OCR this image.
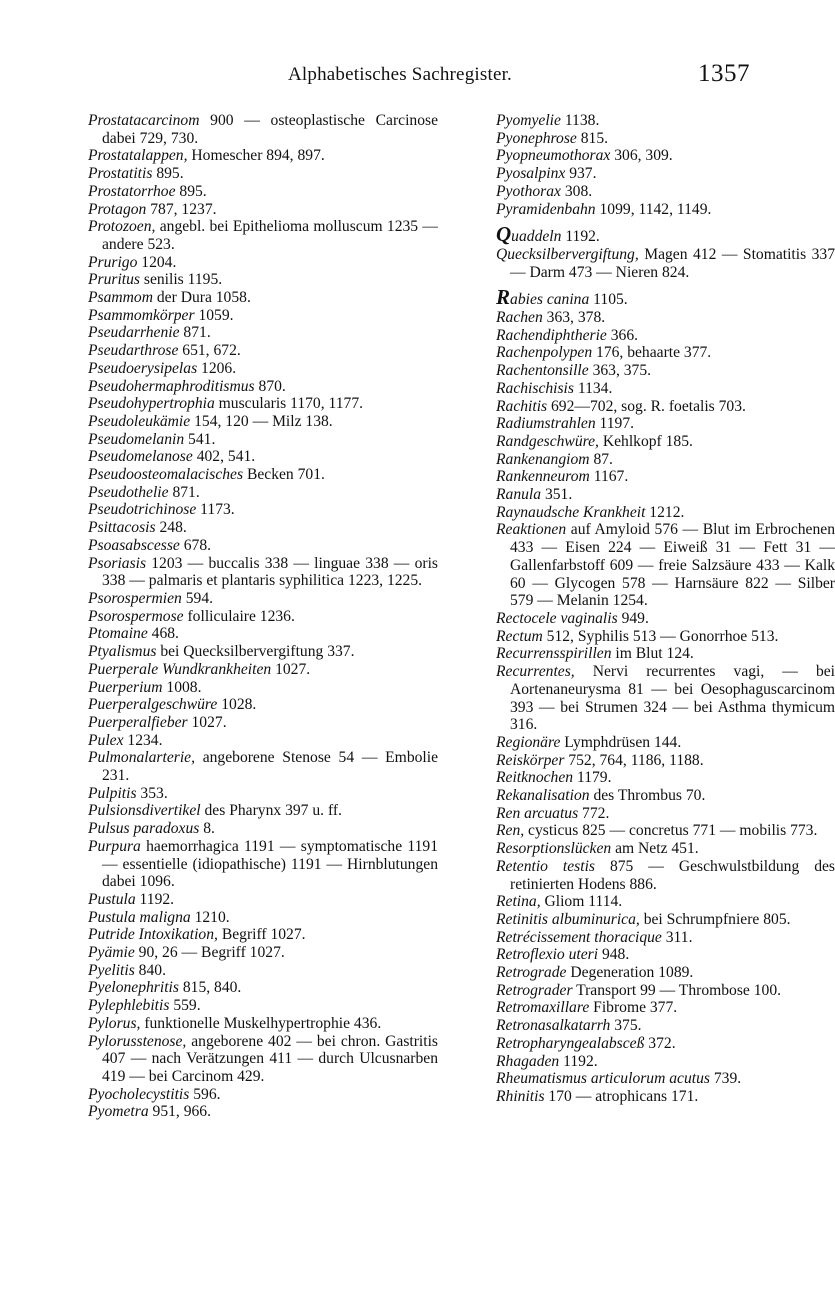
Alphabetisches Sachregister.	1357

Prostatacarcinom 900 — osteoplastische Carcinose dabei 729, 730.

Prostatalappen, Homescher 894, 897.

Prostatitis 895.

Prostatorrhoe 895.

Protagon 787, 1237.

Protozoen, angebl. bei Epithelioma molluscum 1235 — andere 523.

Prurigo 1204.

Pruritus senilis 1195.

Psammom der Dura 1058.

Psammomkörper 1059.

Pseudarrhenie 871.

Pseudarthrose 651, 672.

Pseudoerysipelas 1206.

Pseudohermaphroditismus 870.

Pseudohypertrophia muscularis 1170, 1177.

Pseudoleukämie 154, 120 — Milz 138.

Pseudomelanin 541.

Pseudomelanose 402, 541.

Pseudoosteomalacisches Becken 701.

Pseudothelie 871.

Pseudotrichinose 1173.

Psittacosis 248.

Psoasabscesse 678.

Psoriasis 1203 — buccalis 338 — linguae 338 — oris 338 — palmaris et plantaris syphilitica 1223, 1225.

Psorospermien 594.

Psorospermose folliculaire 1236.

Ptomaine 468.

Ptyalismus bei Quecksilbervergiftung 337.

Puerperale Wundkrankheiten 1027.

Puerperium 1008.

Puerperalgeschwüre 1028.

Puerperalfieber 1027.

Pulex 1234.

Pulmonalarterie, angeborene Stenose 54 — Embolie 231.

Pulpitis 353.

Pulsionsdivertikel des Pharynx 397 u. ff.

Pulsus paradoxus 8.

Purpura haemorrhagica 1191 — symptomatische 1191 — essentielle (idiopathische) 1191 — Hirnblutungen dabei 1096.

Pustula 1192.

Pustula maligna 1210.

Putride Intoxikation, Begriff 1027.

Pyämie 90, 26 — Begriff 1027.

Pyelitis 840.

Pyelonephritis 815, 840.

Pylephlebitis 559.

Pylorus, funktionelle Muskelhypertrophie 436.

Pylorusstenose, angeborene 402 — bei chron. Gastritis 407 — nach Verätzungen 411 — durch Ulcusnarben 419 — bei Carcinom 429.

Pyocholecystitis 596.

Pyometra 951, 966.

Pyomyelie 1138.

Pyonephrose 815.

Pyopneumothorax 306, 309.

Pyosalpinx 937.

Pyothorax 308.

Pyramidenbahn 1099, 1142, 1149.

Quaddeln 1192.

Quecksilbervergiftung, Magen 412 — Stomatitis 337 — Darm 473 — Nieren 824.

Rabies canina 1105.

Rachen 363, 378.

Rachendiphtherie 366.

Rachenpolypen 176, behaarte 377.

Rachentonsille 363, 375.

Rachischisis 1134.

Rachitis 692—702, sog. R. foetalis 703.

Radiumstrahlen 1197.

Randgeschwüre, Kehlkopf 185.

Rankenangiom 87.

Rankenneurom 1167.

Ranula 351.

Raynaudsche Krankheit 1212.

Reaktionen auf Amyloid 576 — Blut im Erbrochenen 433 — Eisen 224 — Eiweiß 31 — Fett 31 — Gallenfarbstoff 609 — freie Salzsäure 433 — Kalk 60 — Glycogen 578 — Harnsäure 822 — Silber 579 — Melanin 1254.

Rectocele vaginalis 949.

Rectum 512, Syphilis 513 — Gonorrhoe 513.

Recurrensspirillen im Blut 124.

Recurrentes, Nervi recurrentes vagi, — bei Aortenaneurysma 81 — bei Oesophaguscarcinom 393 — bei Strumen 324 — bei Asthma thymicum 316.

Regionäre Lymphdrüsen 144.

Reiskörper 752, 764, 1186, 1188.

Reitknochen 1179.

Rekanalisation des Thrombus 70.

Ren arcuatus 772.

Ren, cysticus 825 — concretus 771 — mobilis 773.

Resorptionslücken am Netz 451.

Retentio testis 875 — Geschwulstbildung des retinierten Hodens 886.

Retina, Gliom 1114.

Retinitis albuminurica, bei Schrumpfniere 805.

Retrécissement thoracique 311.

Retroflexio uteri 948.

Retrograde Degeneration 1089.

Retrograder Transport 99 — Thrombose 100.

Retromaxillare Fibrome 377.

Retronasalkatarrh 375.

Retropharyngealabsceß 372.

Rhagaden 1192.

Rheumatismus articulorum acutus 739.

Rhinitis 170 — atrophicans 171.
